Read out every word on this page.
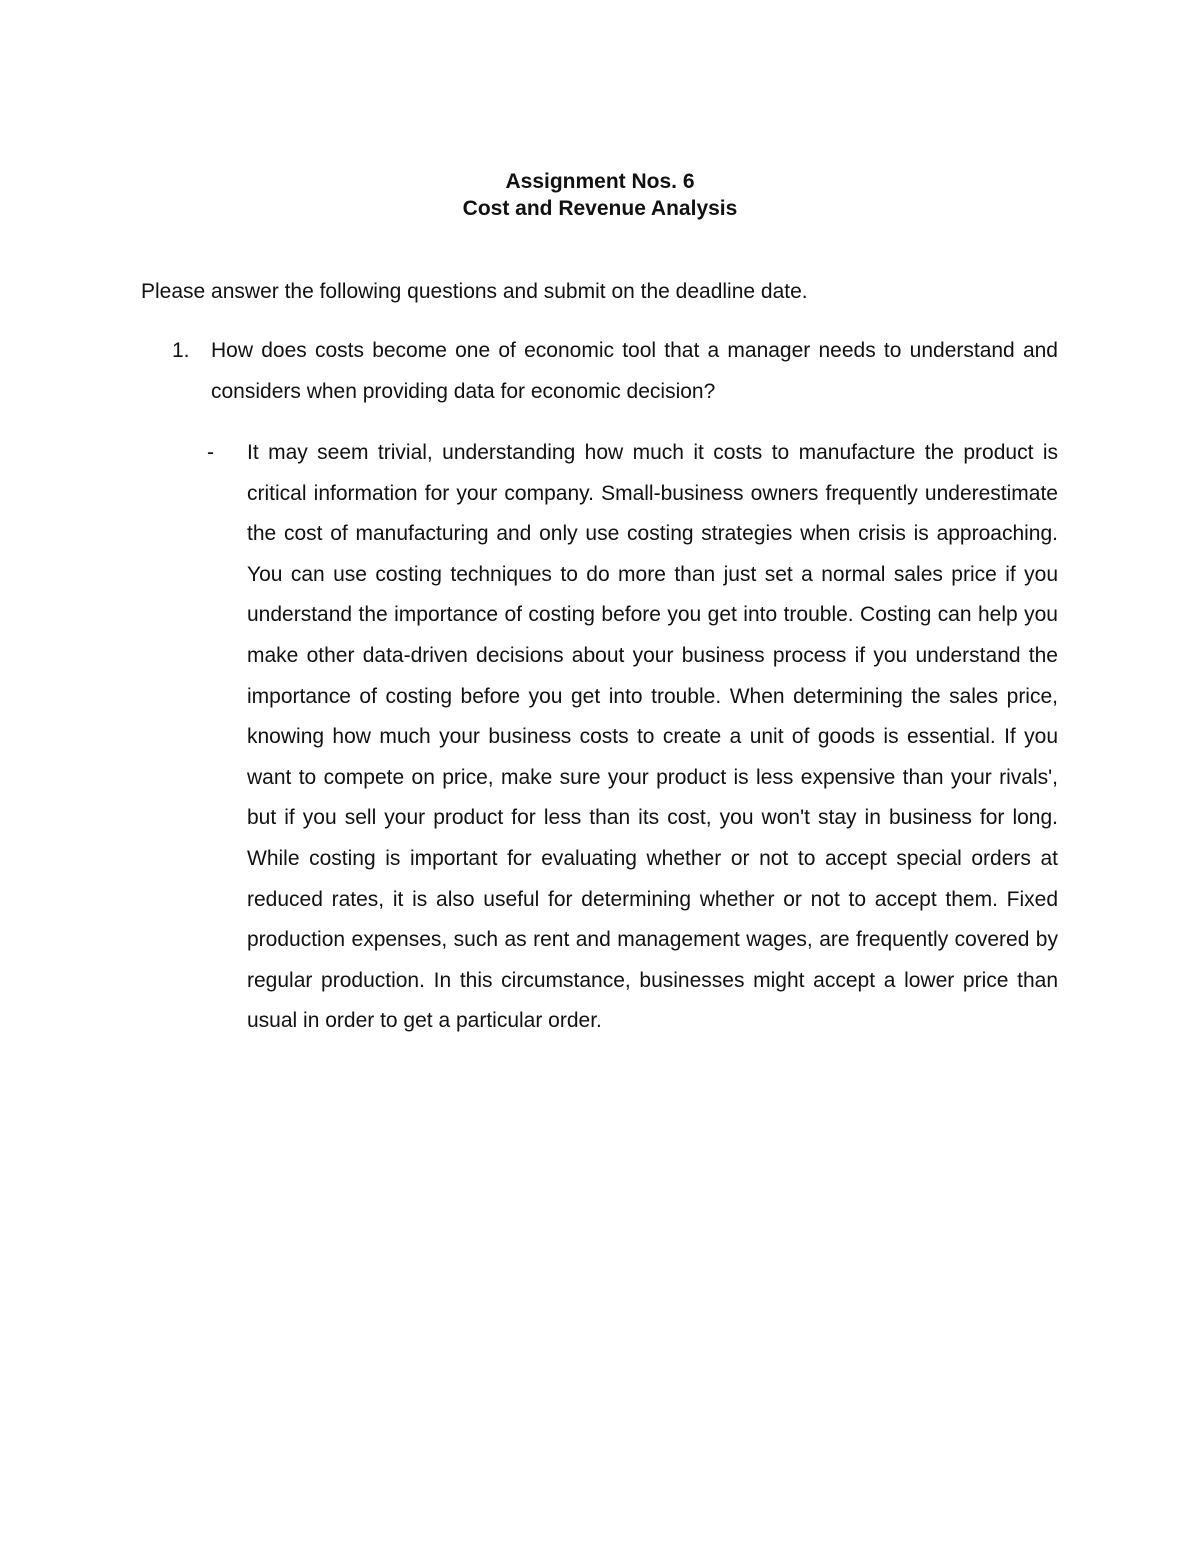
Assignment Nos. 6
Cost and Revenue Analysis
Please answer the following questions and submit on the deadline date.
1. How does costs become one of economic tool that a manager needs to understand and considers when providing data for economic decision?
- It may seem trivial, understanding how much it costs to manufacture the product is critical information for your company. Small-business owners frequently underestimate the cost of manufacturing and only use costing strategies when crisis is approaching. You can use costing techniques to do more than just set a normal sales price if you understand the importance of costing before you get into trouble. Costing can help you make other data-driven decisions about your business process if you understand the importance of costing before you get into trouble. When determining the sales price, knowing how much your business costs to create a unit of goods is essential. If you want to compete on price, make sure your product is less expensive than your rivals', but if you sell your product for less than its cost, you won't stay in business for long. While costing is important for evaluating whether or not to accept special orders at reduced rates, it is also useful for determining whether or not to accept them. Fixed production expenses, such as rent and management wages, are frequently covered by regular production. In this circumstance, businesses might accept a lower price than usual in order to get a particular order.
